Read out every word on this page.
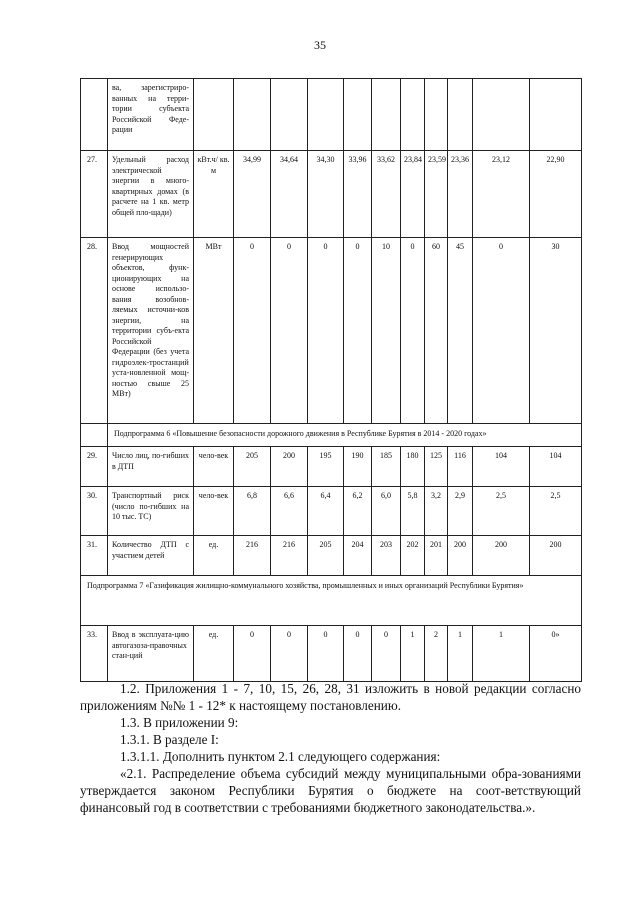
35
	ва, зарегистриро-ванных на терри-тории субъекта Российской Феде-рации											
27.	Удельный расход электрической энергии в много-квартирных домах (в расчете на 1 кв. метр общей пло-щади)	кВт.ч/ кв. м	34,99	34,64	34,30	33,96	33,62	23,84	23,59	23,36	23,12	22,90
28.	Ввод мощностей генерирующих объектов, функ-ционирующих на основе использо-вания возобнов-ляемых источни-ков энергии, на территории субъ-екта Российской Федерации (без учета гидроэлек-тростанций уста-новленной мощ-ностью свыше 25 МВт)	МВт	0	0	0	0	10	0	60	45	0	30
	Подпрограмма 6 «Повышение безопасности дорожного движения в Республике Бурятия в 2014 - 2020 годах»											
29.	Число лиц, по-гибших в ДТП	чело-век	205	200	195	190	185	180	125	116	104	104
30.	Транспортный риск (число по-гибших на 10 тыс. ТС)	чело-век	6,8	6,6	6,4	6,2	6,0	5,8	3,2	2,9	2,5	2,5
31.	Количество ДТП с участием детей	ед.	216	216	205	204	203	202	201	200	200	200
Подпрограмма 7 «Газификация жилищно-коммунального хозяйства, промышленных и иных организаций Республики Бурятия»												
33.	Ввод в эксплуата-цию автогазоза-правочных стан-ций	ед.	0	0	0	0	0	1	2	1	1	0»

1.2. Приложения 1 - 7, 10, 15, 26, 28, 31 изложить в новой редакции согласно приложениям №№ 1 - 12* к настоящему постановлению.

1.3. В приложении 9:

1.3.1. В разделе I:

1.3.1.1. Дополнить пунктом 2.1 следующего содержания:

«2.1. Распределение объема субсидий между муниципальными обра-зованиями утверждается законом Республики Бурятия о бюджете на соот-ветствующий финансовый год в соответствии с требованиями бюджетного законодательства.».
